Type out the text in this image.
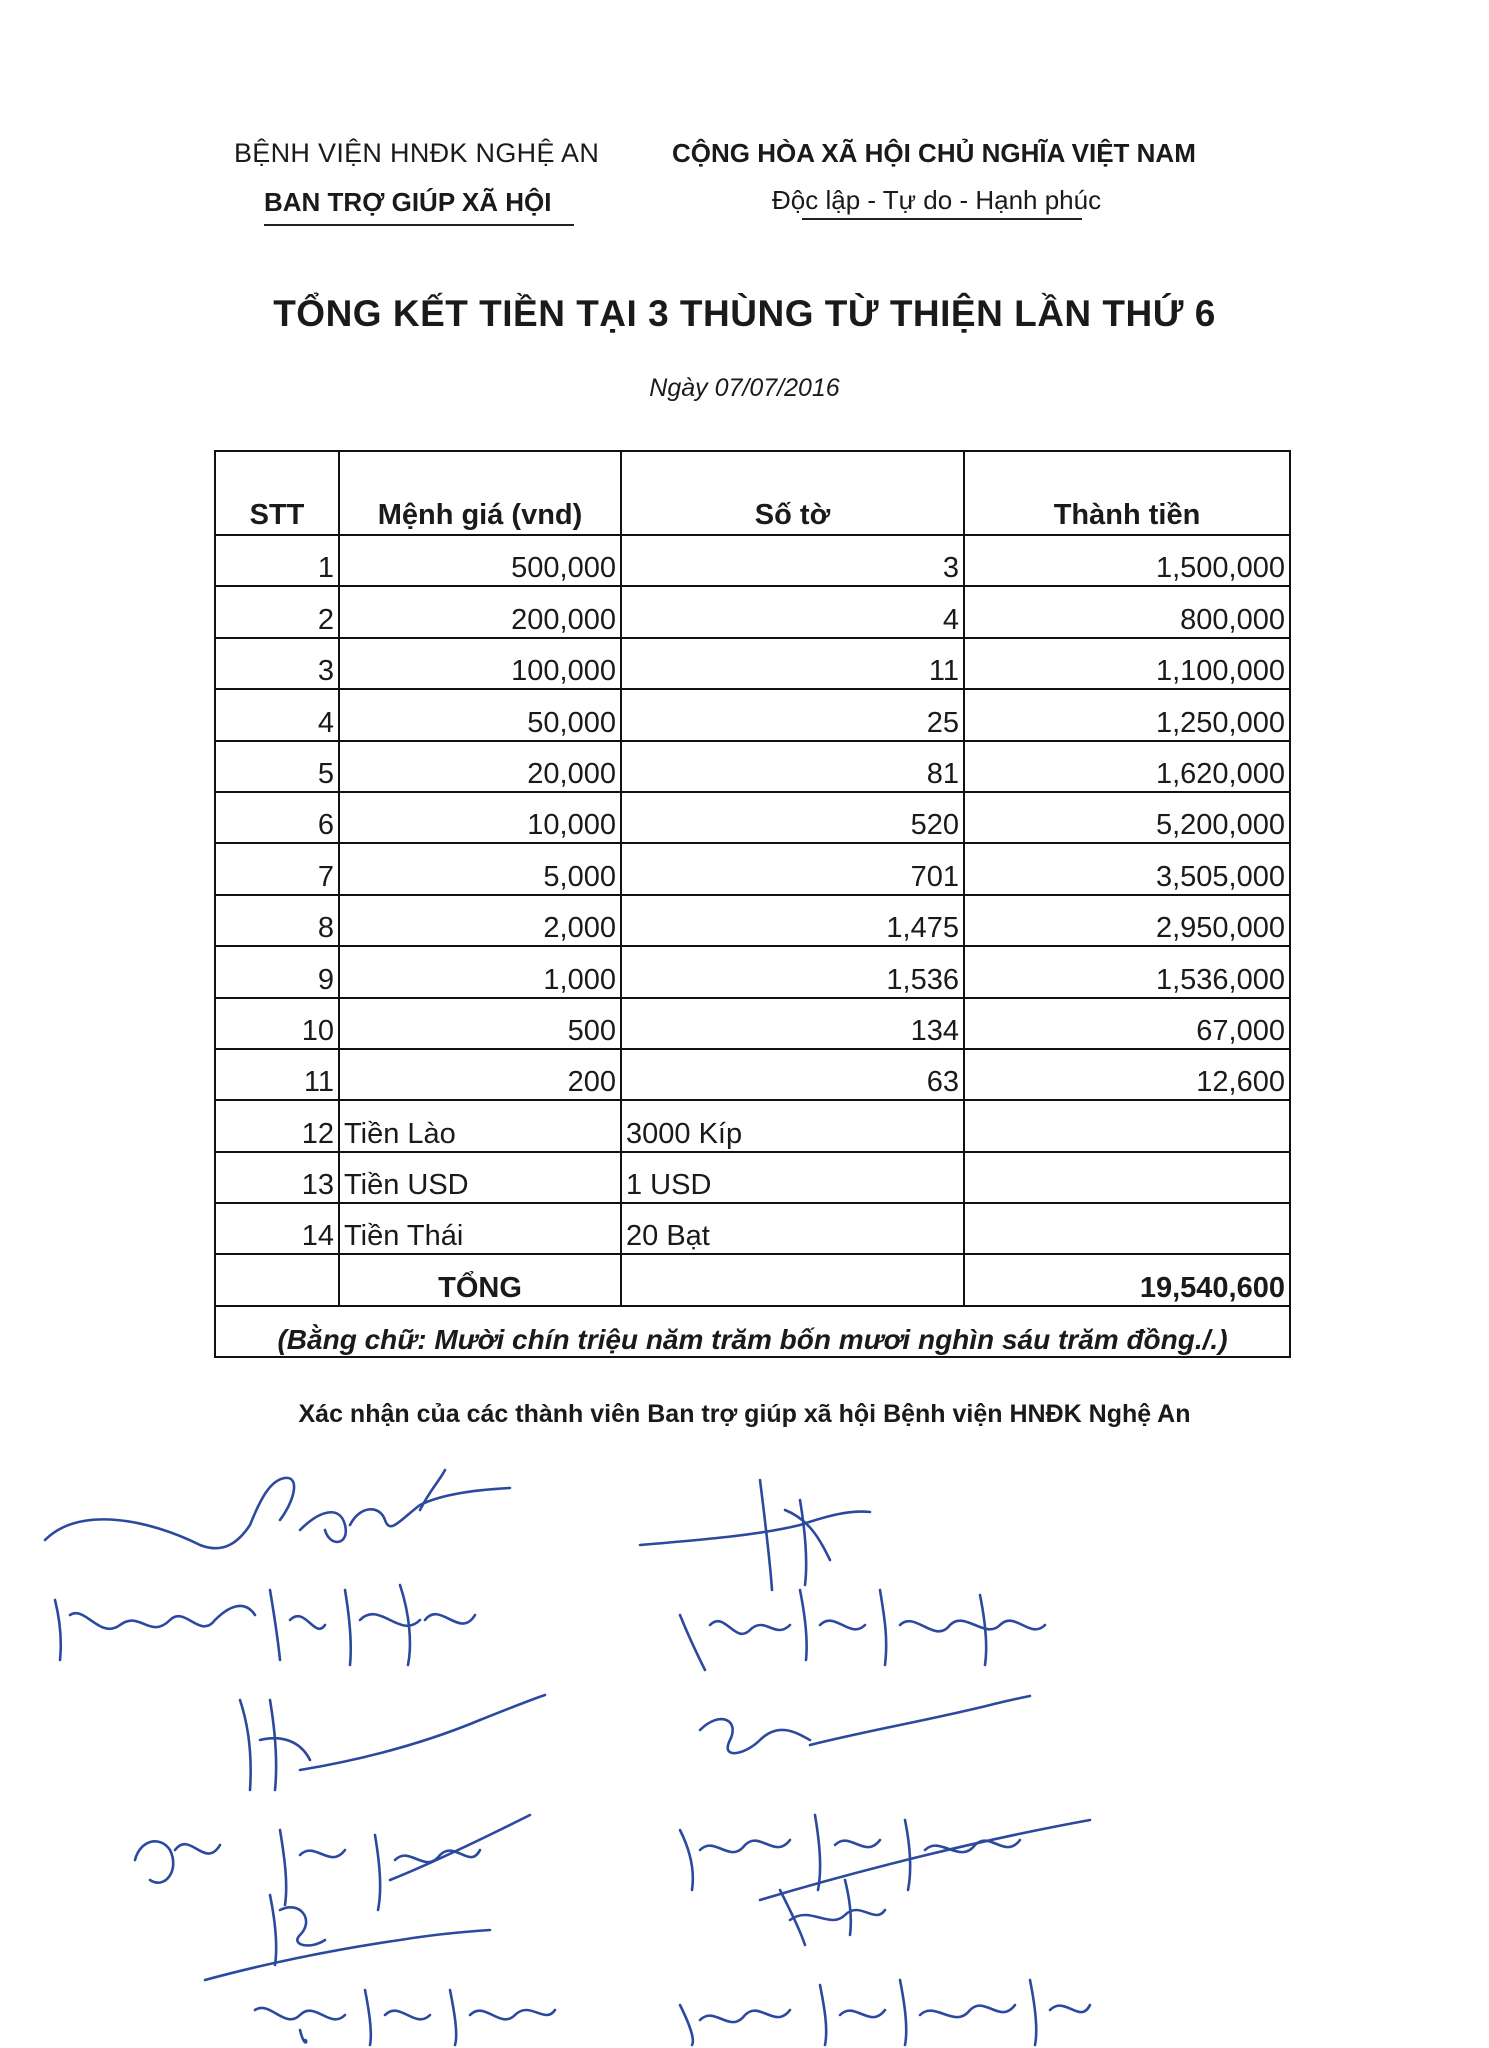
BỆNH VIỆN HNĐK NGHỆ AN
BAN TRỢ GIÚP XÃ HỘI
CỘNG HÒA XÃ HỘI CHỦ NGHĨA VIỆT NAM
Độc lập - Tự do - Hạnh phúc
TỔNG KẾT TIỀN TẠI 3 THÙNG TỪ THIỆN LẦN THỨ 6
Ngày 07/07/2016
STT	Mệnh giá (vnd)	Số tờ	Thành tiền
1	500,000	3	1,500,000
2	200,000	4	800,000
3	100,000	11	1,100,000
4	50,000	25	1,250,000
5	20,000	81	1,620,000
6	10,000	520	5,200,000
7	5,000	701	3,505,000
8	2,000	1,475	2,950,000
9	1,000	1,536	1,536,000
10	500	134	67,000
11	200	63	12,600
12	Tiền Lào	3000 Kíp	
13	Tiền USD	1 USD	
14	Tiền Thái	20 Bạt	
	TỔNG		19,540,600
(Bằng chữ: Mười chín triệu năm trăm bốn mươi nghìn sáu trăm đồng./.)			
Xác nhận của các thành viên Ban trợ giúp xã hội Bệnh viện HNĐK Nghệ An
